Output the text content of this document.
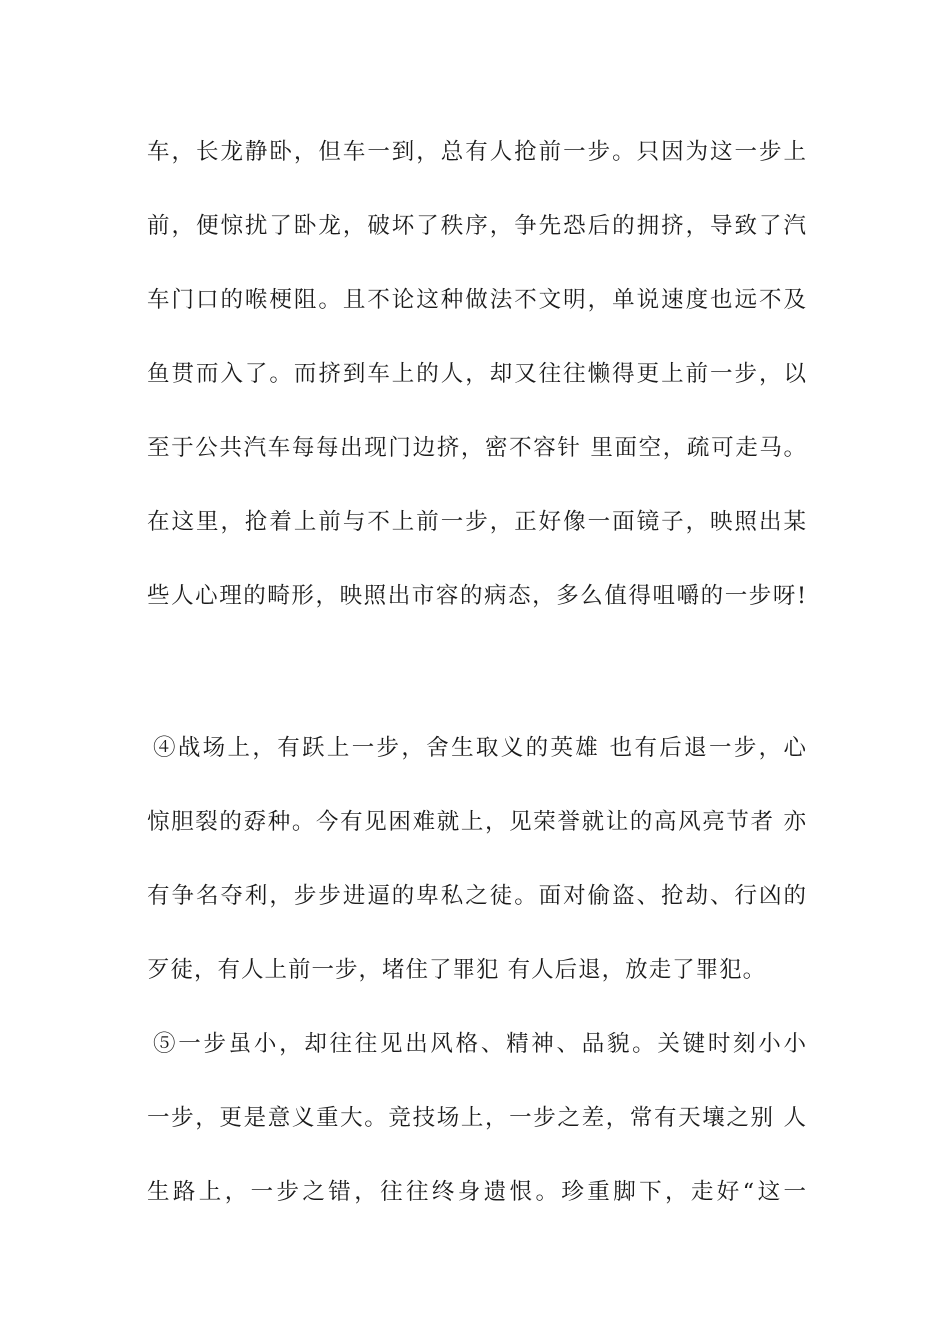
车，长龙静卧，但车一到，总有人抢前一步。只因为这一步上
前，便惊扰了卧龙，破坏了秩序，争先恐后的拥挤，导致了汽
车门口的喉梗阻。且不论这种做法不文明，单说速度也远不及
鱼贯而入了。而挤到车上的人，却又往往懒得更上前一步，以
至于公共汽车每每出现门边挤，密不容针 里面空，疏可走马。
在这里，抢着上前与不上前一步，正好像一面镜子，映照出某
些人心理的畸形，映照出市容的病态，多么值得咀嚼的一步呀!
④战场上，有跃上一步，舍生取义的英雄 也有后退一步，心
惊胆裂的孬种。今有见困难就上，见荣誉就让的高风亮节者 亦
有争名夺利，步步进逼的卑私之徒。面对偷盗、抢劫、行凶的
歹徒，有人上前一步，堵住了罪犯 有人后退，放走了罪犯。
⑤一步虽小，却往往见出风格、精神、品貌。关键时刻小小
一步，更是意义重大。竞技场上，一步之差，常有天壤之别 人
生路上，一步之错，往往终身遗恨。珍重脚下，走好“这一
